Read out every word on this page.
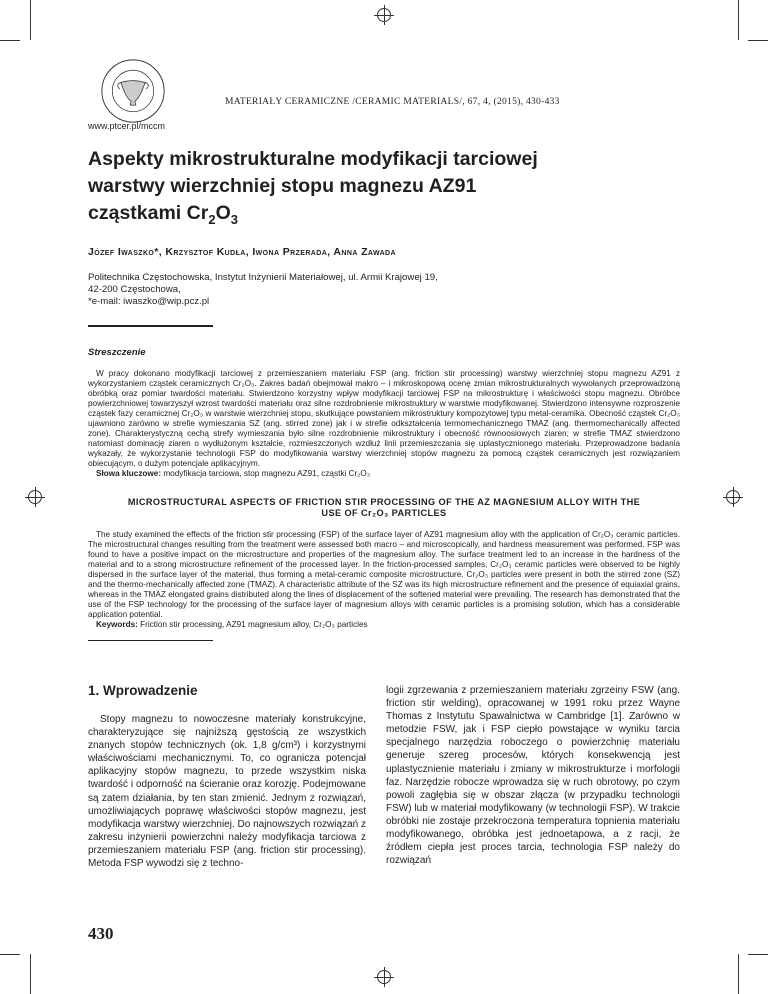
MATERIAŁY CERAMICZNE /CERAMIC MATERIALS/, 67, 4, (2015), 430-433
www.ptcer.pl/mccm
Aspekty mikrostrukturalne modyfikacji tarciowej warstwy wierzchniej stopu magnezu AZ91 cząstkami $Cr_2O_3$
Józef Iwaszko*, Krzysztof Kudła, Iwona Przerada, Anna Zawada
Politechnika Częstochowska, Instytut Inżynierii Materiałowej, ul. Armii Krajowej 19,
42-200 Częstochowa,
*e-mail: iwaszko@wip.pcz.pl
Streszczenie
W pracy dokonano modyfikacji tarciowej z przemieszaniem materiału FSP (ang. friction stir processing) warstwy wierzchniej stopu magnezu AZ91 z wykorzystaniem cząstek ceramicznych Cr₂O₃. Zakres badań obejmował makro – i mikroskopową ocenę zmian mikrostrukturalnych wywołanych przeprowadzoną obróbką oraz pomiar twardości materiału. Stwierdzono korzystny wpływ modyfikacji tarciowej FSP na mikrostrukturę i właściwości stopu magnezu. Obróbce powierzchniowej towarzyszył wzrost twardości materiału oraz silne rozdrobnienie mikrostruktury w warstwie modyfikowanej. Stwierdzono intensywne rozproszenie cząstek fazy ceramicznej Cr₂O₃ w warstwie wierzchniej stopu, skutkujące powstaniem mikrostruktury kompozytowej typu metal-ceramika. Obecność cząstek Cr₂O₃ ujawniono zarówno w strefie wymieszania SZ (ang. stirred zone) jak i w strefie odkształcenia termomechanicznego TMAZ (ang. thermomechanically affected zone). Charakterystyczną cechą strefy wymieszania było silne rozdrobnienie mikrostruktury i obecność równoosiowych ziaren; w strefie TMAZ stwierdzono natomiast dominację ziaren o wydłużonym kształcie, rozmieszczonych wzdłuż linii przemieszczania się uplastycznionego materiału. Przeprowadzone badania wykazały, że wykorzystanie technologii FSP do modyfikowania warstwy wierzchniej stopów magnezu za pomocą cząstek ceramicznych jest rozwiązaniem obiecującym, o dużym potencjale aplikacyjnym.
Słowa kluczowe: modyfikacja tarciowa, stop magnezu AZ91, cząstki Cr₂O₃
MICROSTRUCTURAL ASPECTS OF FRICTION STIR PROCESSING OF THE AZ MAGNESIUM ALLOY WITH THE USE OF Cr₂O₃ PARTICLES
The study examined the effects of the friction stir processing (FSP) of the surface layer of AZ91 magnesium alloy with the application of Cr₂O₃ ceramic particles. The microstructural changes resulting from the treatment were assessed both macro – and microscopically, and hardness measurement was performed. FSP was found to have a positive impact on the microstructure and properties of the magnesium alloy. The surface treatment led to an increase in the hardness of the material and to a strong microstructure refinement of the processed layer. In the friction-processed samples, Cr₂O₃ ceramic particles were observed to be highly dispersed in the surface layer of the material, thus forming a metal-ceramic composite microstructure. Cr₂O₃ particles were present in both the stirred zone (SZ) and the thermo-mechanically affected zone (TMAZ). A characteristic attribute of the SZ was its high microstructure refinement and the presence of equiaxial grains, whereas in the TMAZ elongated grains distributed along the lines of displacement of the softened material were prevailing. The research has demonstrated that the use of the FSP technology for the processing of the surface layer of magnesium alloys with ceramic particles is a promising solution, which has a considerable application potential.
Keywords: Friction stir processing, AZ91 magnesium alloy, Cr₂O₃ particles
1. Wprowadzenie
Stopy magnezu to nowoczesne materiały konstrukcyjne, charakteryzujące się najniższą gęstością ze wszystkich znanych stopów technicznych (ok. 1,8 g/cm³) i korzystnymi właściwościami mechanicznymi. To, co ogranicza potencjał aplikacyjny stopów magnezu, to przede wszystkim niska twardość i odporność na ścieranie oraz korozję. Podejmowane są zatem działania, by ten stan zmienić. Jednym z rozwiązań, umożliwiających poprawę właściwości stopów magnezu, jest modyfikacja warstwy wierzchniej. Do najnowszych rozwiązań z zakresu inżynierii powierzchni należy modyfikacja tarciowa z przemieszaniem materiału FSP (ang. friction stir processing). Metoda FSP wywodzi się z techno-
logii zgrzewania z przemieszaniem materiału zgrzeiny FSW (ang. friction stir welding), opracowanej w 1991 roku przez Wayne Thomas z Instytutu Spawalnictwa w Cambridge [1]. Zarówno w metodzie FSW, jak i FSP ciepło powstające w wyniku tarcia specjalnego narzędzia roboczego o powierzchnię materiału generuje szereg procesów, których konsekwencją jest uplastycznienie materiału i zmiany w mikrostrukturze i morfologii faz. Narzędzie robocze wprowadza się w ruch obrotowy, po czym powoli zagłębia się w obszar złącza (w przypadku technologii FSW) lub w materiał modyfikowany (w technologii FSP). W trakcie obróbki nie zostaje przekroczona temperatura topnienia materiału modyfikowanego, obróbka jest jednoetapowa, a z racji, że źródłem ciepła jest proces tarcia, technologia FSP należy do rozwiązań
430
